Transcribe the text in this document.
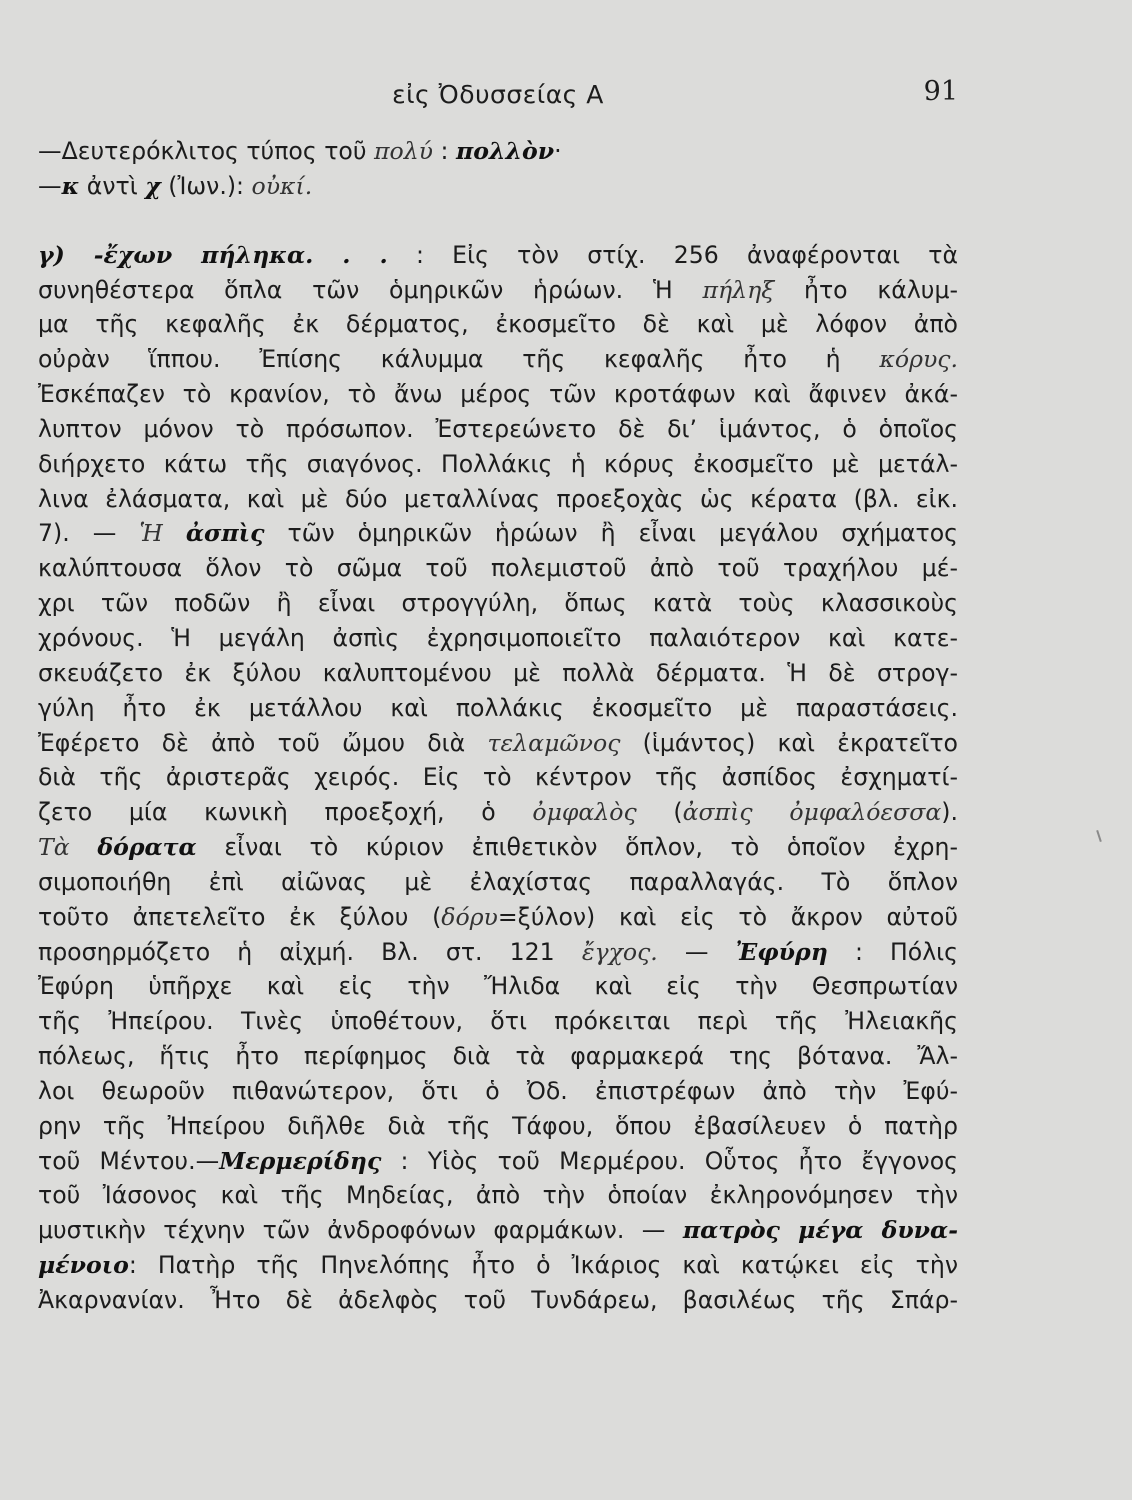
εἰς Ὀδυσσείας Α	91
—Δευτερόκλιτος τύπος τοῦ πολύ : πολλὸν·
—κ ἀντὶ χ (Ἰων.): οὐκί.
γ) -ἔχων πήληκα. . . : Εἰς τὸν στίχ. 256 ἀναφέρονται τὰ
συνηθέστερα ὅπλα τῶν ὁμηρικῶν ἡρώων. Ἡ πήληξ ἦτο κάλυμ-
μα τῆς κεφαλῆς ἐκ δέρματος, ἐκοσμεῖτο δὲ καὶ μὲ λόφον ἀπὸ
οὐρὰν ἵππου. Ἐπίσης κάλυμμα τῆς κεφαλῆς ἦτο ἡ κόρυς.
Ἐσκέπαζεν τὸ κρανίον, τὸ ἄνω μέρος τῶν κροτάφων καὶ ἄφινεν ἀκά-
λυπτον μόνον τὸ πρόσωπον. Ἐστερεώνετο δὲ δι’ ἱμάντος, ὁ ὁποῖος
διήρχετο κάτω τῆς σιαγόνος. Πολλάκις ἡ κόρυς ἐκοσμεῖτο μὲ μετάλ-
λινα ἐλάσματα, καὶ μὲ δύο μεταλλίνας προεξοχὰς ὡς κέρατα (βλ. εἰκ.
7). — Ἡ ἀσπὶς τῶν ὁμηρικῶν ἡρώων ἢ εἶναι μεγάλου σχήματος
καλύπτουσα ὅλον τὸ σῶμα τοῦ πολεμιστοῦ ἀπὸ τοῦ τραχήλου μέ-
χρι τῶν ποδῶν ἢ εἶναι στρογγύλη, ὅπως κατὰ τοὺς κλασσικοὺς
χρόνους. Ἡ μεγάλη ἀσπὶς ἐχρησιμοποιεῖτο παλαιότερον καὶ κατε-
σκευάζετο ἐκ ξύλου καλυπτομένου μὲ πολλὰ δέρματα. Ἡ δὲ στρογ-
γύλη ἦτο ἐκ μετάλλου καὶ πολλάκις ἐκοσμεῖτο μὲ παραστάσεις.
Ἐφέρετο δὲ ἀπὸ τοῦ ὤμου διὰ τελαμῶνος (ἱμάντος) καὶ ἐκρατεῖτο
διὰ τῆς ἀριστερᾶς χειρός. Εἰς τὸ κέντρον τῆς ἀσπίδος ἐσχηματί-
ζετο μία κωνικὴ προεξοχή, ὁ ὀμφαλὸς (ἀσπὶς ὀμφαλόεσσα).
Τὰ δόρατα εἶναι τὸ κύριον ἐπιθετικὸν ὅπλον, τὸ ὁποῖον ἐχρη-
σιμοποιήθη ἐπὶ αἰῶνας μὲ ἐλαχίστας παραλλαγάς. Τὸ ὅπλον
τοῦτο ἀπετελεῖτο ἐκ ξύλου (δόρυ=ξύλον) καὶ εἰς τὸ ἄκρον αὐτοῦ
προσηρμόζετο ἡ αἰχμή. Βλ. στ. 121 ἔγχος. — Ἐφύρη : Πόλις
Ἐφύρη ὑπῆρχε καὶ εἰς τὴν Ἤλιδα καὶ εἰς τὴν Θεσπρωτίαν
τῆς Ἠπείρου. Τινὲς ὑποθέτουν, ὅτι πρόκειται περὶ τῆς Ἠλειακῆς
πόλεως, ἥτις ἦτο περίφημος διὰ τὰ φαρμακερά της βότανα. Ἄλ-
λοι θεωροῦν πιθανώτερον, ὅτι ὁ Ὀδ. ἐπιστρέφων ἀπὸ τὴν Ἐφύ-
ρην τῆς Ἠπείρου διῆλθε διὰ τῆς Τάφου, ὅπου ἐβασίλευεν ὁ πατὴρ
τοῦ Μέντου.—Μερμερίδης : Υἱὸς τοῦ Μερμέρου. Οὗτος ἦτο ἔγγονος
τοῦ Ἰάσονος καὶ τῆς Μηδείας, ἀπὸ τὴν ὁποίαν ἐκληρονόμησεν τὴν
μυστικὴν τέχνην τῶν ἀνδροφόνων φαρμάκων. — πατρὸς μέγα δυνα-
μένοιο: Πατὴρ τῆς Πηνελόπης ἦτο ὁ Ἰκάριος καὶ κατῴκει εἰς τὴν
Ἀκαρνανίαν. Ἦτο δὲ ἀδελφὸς τοῦ Τυνδάρεω, βασιλέως τῆς Σπάρ-
